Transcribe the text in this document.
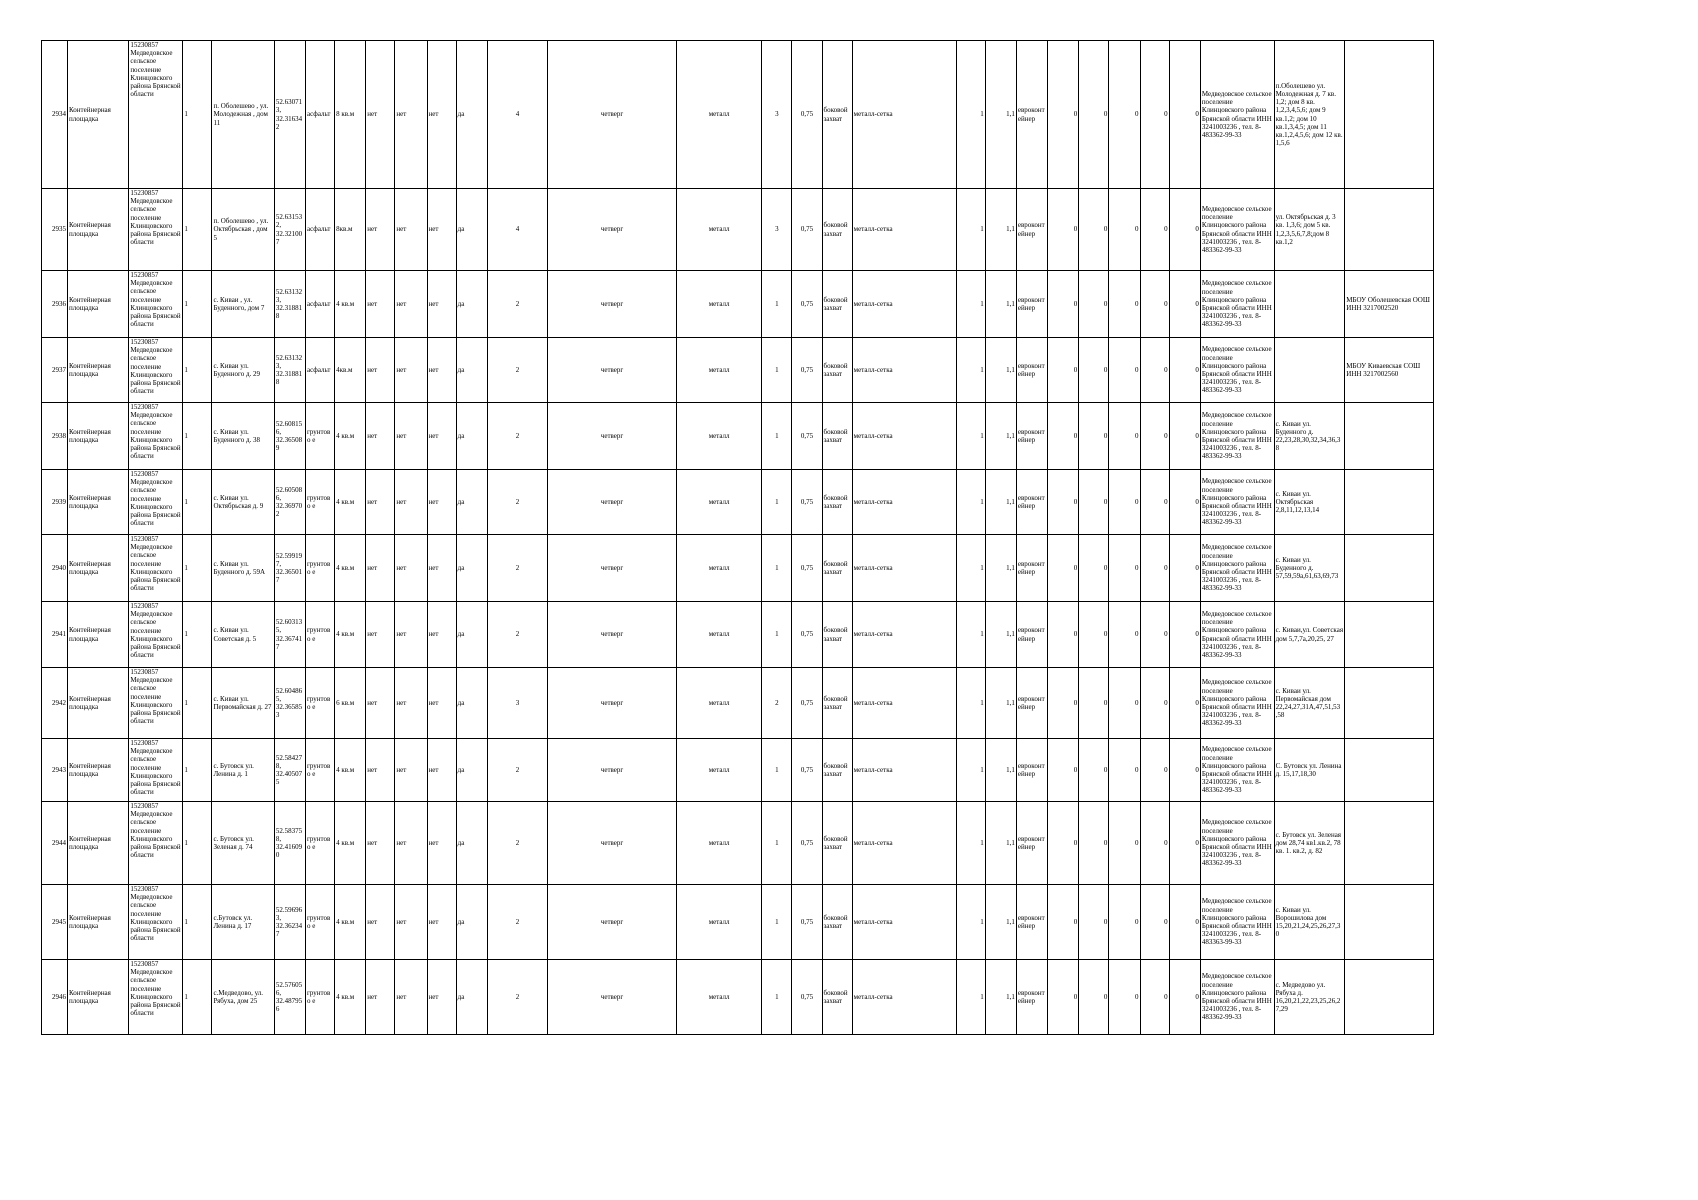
2934	Контейнерная площадка	15230857 Медведовское сельское поселение Клинцовского района Брянской области	1	п. Оболешево , ул. Молодежная , дом 11	52.63071 3, 32.31634 2	асфальт	8 кв.м	нет	нет	нет	да	4	четверг	металл	3	0,75	боковой захват	металл-сетка	1	1,1	евроконт ейнер	0	0	0	0	0	Медведовское сельское поселение Клинцовского района Брянской области ИНН 3241003236 , тел. 8-483362-99-33	п.Оболешево ул. Молодежная д. 7 кв. 1,2; дом 8 кв. 1,2,3,4,5,6; дом 9 кв.1,2; дом 10 кв.1,3,4,5; дом 11 кв.1,2,4,5,6; дом 12 кв. 1,5,6	
2935	Контейнерная площадка	15230857 Медведовское сельское поселение Клинцовского района Брянской области	1	п. Оболешево , ул. Октябрьская , дом 5	52.63153 2, 32.32100 7	асфальт	8кв.м	нет	нет	нет	да	4	четверг	металл	3	0,75	боковой захват	металл-сетка	1	1,1	евроконт ейнер	0	0	0	0	0	Медведовское сельское поселение Клинцовского района Брянской области ИНН 3241003236 , тел. 8-483362-99-33	ул. Октябрьская д. 3 кв. 1,3,6; дом 5 кв. 1,2,3,5,6,7,8;дом 8 кв.1,2	
2936	Контейнерная площадка	15230857 Медведовское сельское поселение Клинцовского района Брянской области	1	с. Киваи , ул. Буденного, дом 7	52.63132 3, 32.31881 8	асфальт	4 кв.м	нет	нет	нет	да	2	четверг	металл	1	0,75	боковой захват	металл-сетка	1	1,1	евроконт ейнер	0	0	0	0	0	Медведовское сельское поселение Клинцовского района Брянской области ИНН 3241003236 , тел. 8-483362-99-33		МБОУ Оболешевская ООШ ИНН 3217002520
2937	Контейнерная площадка	15230857 Медведовское сельское поселение Клинцовского района Брянской области	1	с. Киваи ул. Буденного д. 29	52.63132 3, 32.31881 8	асфальт	4кв.м	нет	нет	нет	да	2	четверг	металл	1	0,75	боковой захват	металл-сетка	1	1,1	евроконт ейнер	0	0	0	0	0	Медведовское сельское поселение Клинцовского района Брянской области ИНН 3241003236 , тел. 8-483362-99-33		МБОУ Киваевская СОШ ИНН 3217002560
2938	Контейнерная площадка	15230857 Медведовское сельское поселение Клинцовского района Брянской области	1	с. Киваи ул. Буденного д. 38	52.60815 6, 32.36508 9	грунтово е	4 кв.м	нет	нет	нет	да	2	четверг	металл	1	0,75	боковой захват	металл-сетка	1	1,1	евроконт ейнер	0	0	0	0	0	Медведовское сельское поселение Клинцовского района Брянской области ИНН 3241003236 , тел. 8-483362-99-33	с. Киваи ул. Буденного д. 22,23,28,30,32,34,36,38	
2939	Контейнерная площадка	15230857 Медведовское сельское поселение Клинцовского района Брянской области	1	с. Киваи ул. Октябрьская д. 9	52.60508 6, 32.36970 2	грунтово е	4 кв.м	нет	нет	нет	да	2	четверг	металл	1	0,75	боковой захват	металл-сетка	1	1,1	евроконт ейнер	0	0	0	0	0	Медведовское сельское поселение Клинцовского района Брянской области ИНН 3241003236 , тел. 8-483362-99-33	с. Киваи ул. Октябрьская 2,8,11,12,13,14	
2940	Контейнерная площадка	15230857 Медведовское сельское поселение Клинцовского района Брянской области	1	с. Киваи ул. Буденного д. 59А	52.59919 7, 32.36501 7	грунтово е	4 кв.м	нет	нет	нет	да	2	четверг	металл	1	0,75	боковой захват	металл-сетка	1	1,1	евроконт ейнер	0	0	0	0	0	Медведовское сельское поселение Клинцовского района Брянской области ИНН 3241003236 , тел. 8-483362-99-33	с. Киваи ул. Буденного д. 57,59,59а,61,63,69,73	
2941	Контейнерная площадка	15230857 Медведовское сельское поселение Клинцовского района Брянской области	1	с. Киваи ул. Советская д. 5	52.60313 5, 32.36741 7	грунтово е	4 кв.м	нет	нет	нет	да	2	четверг	металл	1	0,75	боковой захват	металл-сетка	1	1,1	евроконт ейнер	0	0	0	0	0	Медведовское сельское поселение Клинцовского района Брянской области ИНН 3241003236 , тел. 8-483362-99-33	с. Киваи,ул. Советская дом 5,7,7а,20,25, 27	
2942	Контейнерная площадка	15230857 Медведовское сельское поселение Клинцовского района Брянской области	1	с. Киваи ул. Первомайская д. 27	52.60486 5, 32.36585 3	грунтово е	6 кв.м	нет	нет	нет	да	3	четверг	металл	2	0,75	боковой захват	металл-сетка	1	1,1	евроконт ейнер	0	0	0	0	0	Медведовское сельское поселение Клинцовского района Брянской области ИНН 3241003236 , тел. 8-483362-99-33	с. Киваи ул. Первомайская дом 22,24,27,31А,47,51,53 ,58	
2943	Контейнерная площадка	15230857 Медведовское сельское поселение Клинцовского района Брянской области	1	с. Бутовск ул. Ленина д. 1	52.58427 8, 32.40507 5	грунтово е	4 кв.м	нет	нет	нет	да	2	четверг	металл	1	0,75	боковой захват	металл-сетка	1	1,1	евроконт ейнер	0	0	0	0	0	Медведовское сельское поселение Клинцовского района Брянской области ИНН 3241003236 , тел. 8-483362-99-33	С. Бутовск ул. Ленина д. 15,17,18,30	
2944	Контейнерная площадка	15230857 Медведовское сельское поселение Клинцовского района Брянской области	1	с. Бутовск ул. Зеленая д. 74	52.58375 8, 32.41609 0	грунтово е	4 кв.м	нет	нет	нет	да	2	четверг	металл	1	0,75	боковой захват	металл-сетка	1	1,1	евроконт ейнер	0	0	0	0	0	Медведовское сельское поселение Клинцовского района Брянской области ИНН 3241003236 , тел. 8-483362-99-33	с. Бутовск ул. Зеленая дом 28,74 кв1.кв.2, 78 кв. 1. кв.2, д. 82	
2945	Контейнерная площадка	15230857 Медведовское сельское поселение Клинцовского района Брянской области	1	с.Бутовск ул. Ленина д. 17	52.59696 3, 32.36234 7	грунтово е	4 кв.м	нет	нет	нет	да	2	четверг	металл	1	0,75	боковой захват	металл-сетка	1	1,1	евроконт ейнер	0	0	0	0	0	Медведовское сельское поселение Клинцовского района Брянской области ИНН 3241003236 , тел. 8-483363-99-33	с. Киваи ул. Ворошилова дом 15,20,21,24,25,26,27,30	
2946	Контейнерная площадка	15230857 Медведовское сельское поселение Клинцовского района Брянской области	1	с.Медведово, ул. Рябуха, дом 25	52.57605 6, 32.48795 6	грунтово е	4 кв.м	нет	нет	нет	да	2	четверг	металл	1	0,75	боковой захват	металл-сетка	1	1,1	евроконт ейнер	0	0	0	0	0	Медведовское сельское поселение Клинцовского района Брянской области ИНН 3241003236 , тел. 8-483362-99-33	с. Медведово ул. Рябуха д. 16,20,21,22,23,25,26,27,29	
